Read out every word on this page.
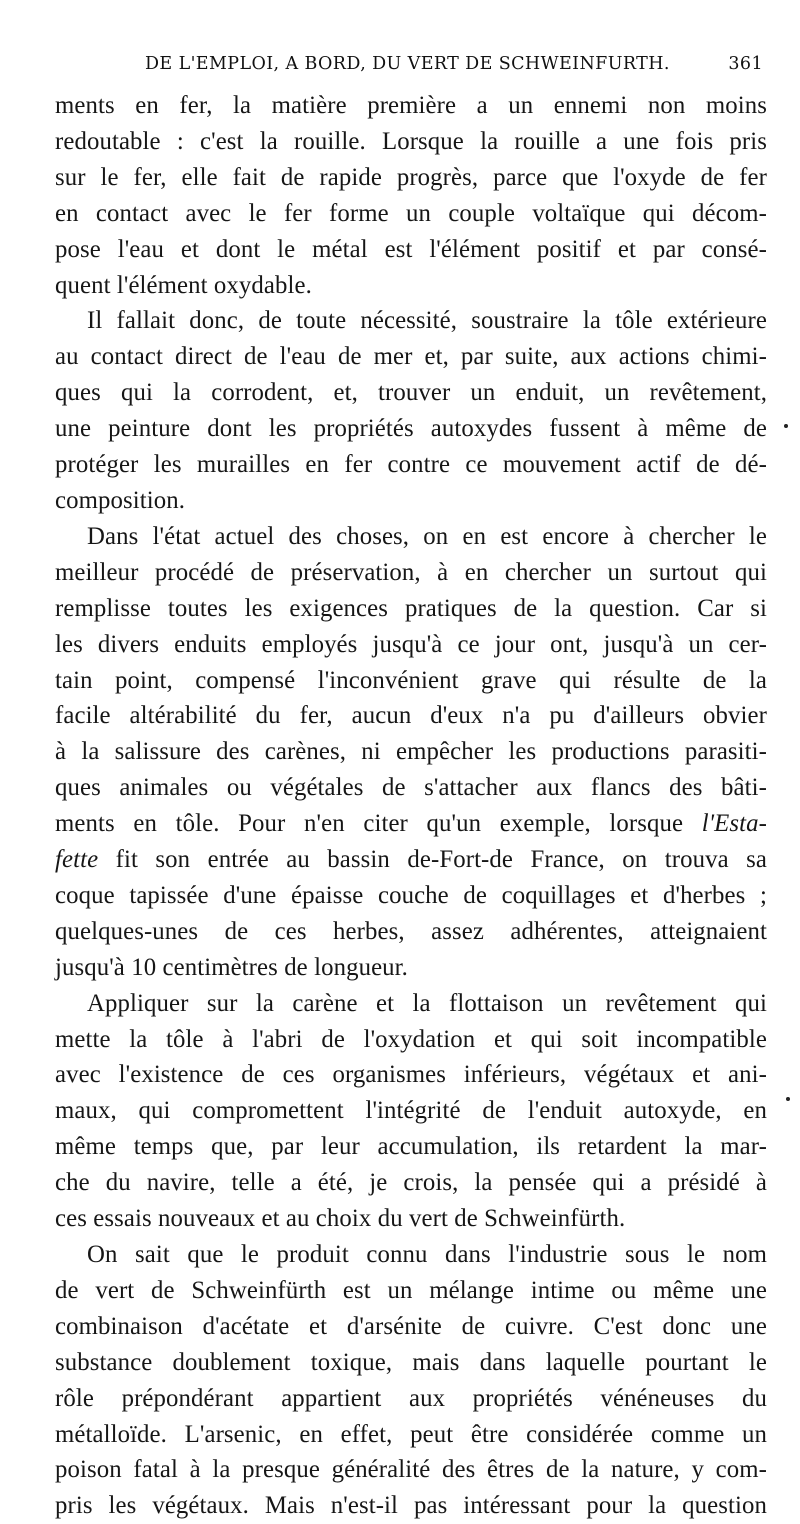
DE L'EMPLOI, A BORD, DU VERT DE SCHWEINFURTH.	361
ments en fer, la matière première a un ennemi non moins
redoutable : c'est la rouille. Lorsque la rouille a une fois pris
sur le fer, elle fait de rapide progrès, parce que l'oxyde de fer
en contact avec le fer forme un couple voltaïque qui décom-
pose l'eau et dont le métal est l'élément positif et par consé-
quent l'élément oxydable.
Il fallait donc, de toute nécessité, soustraire la tôle extérieure
au contact direct de l'eau de mer et, par suite, aux actions chimi-
ques qui la corrodent, et, trouver un enduit, un revêtement,
une peinture dont les propriétés autoxydes fussent à même de
protéger les murailles en fer contre ce mouvement actif de dé-
composition.
Dans l'état actuel des choses, on en est encore à chercher le
meilleur procédé de préservation, à en chercher un surtout qui
remplisse toutes les exigences pratiques de la question. Car si
les divers enduits employés jusqu'à ce jour ont, jusqu'à un cer-
tain point, compensé l'inconvénient grave qui résulte de la
facile altérabilité du fer, aucun d'eux n'a pu d'ailleurs obvier
à la salissure des carènes, ni empêcher les productions parasiti-
ques animales ou végétales de s'attacher aux flancs des bâti-
ments en tôle. Pour n'en citer qu'un exemple, lorsque l'Esta-
fette fit son entrée au bassin de-Fort-de France, on trouva sa
coque tapissée d'une épaisse couche de coquillages et d'herbes ;
quelques-unes de ces herbes, assez adhérentes, atteignaient
jusqu'à 10 centimètres de longueur.
Appliquer sur la carène et la flottaison un revêtement qui
mette la tôle à l'abri de l'oxydation et qui soit incompatible
avec l'existence de ces organismes inférieurs, végétaux et ani-
maux, qui compromettent l'intégrité de l'enduit autoxyde, en
même temps que, par leur accumulation, ils retardent la mar-
che du navire, telle a été, je crois, la pensée qui a présidé à
ces essais nouveaux et au choix du vert de Schweinfürth.
On sait que le produit connu dans l'industrie sous le nom
de vert de Schweinfürth est un mélange intime ou même une
combinaison d'acétate et d'arsénite de cuivre. C'est donc une
substance doublement toxique, mais dans laquelle pourtant le
rôle prépondérant appartient aux propriétés vénéneuses du
métalloïde. L'arsenic, en effet, peut être considérée comme un
poison fatal à la presque généralité des êtres de la nature, y com-
pris les végétaux. Mais n'est-il pas intéressant pour la question
